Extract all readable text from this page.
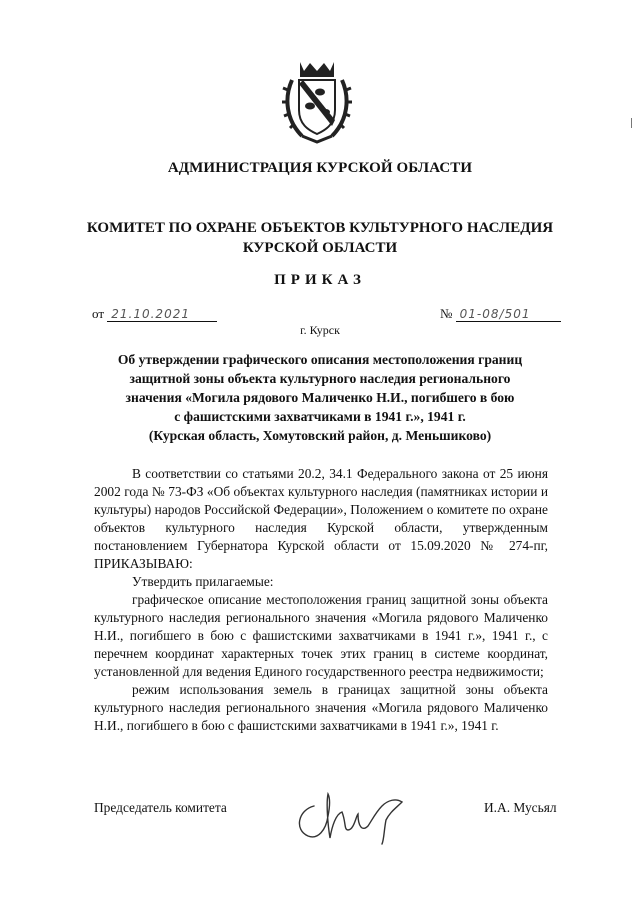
АДМИНИСТРАЦИЯ КУРСКОЙ ОБЛАСТИ
КОМИТЕТ ПО ОХРАНЕ ОБЪЕКТОВ КУЛЬТУРНОГО НАСЛЕДИЯ
КУРСКОЙ ОБЛАСТИ
ПРИКАЗ
от 21.10.2021	№ 01-08/501
г. Курск
Об утверждении графического описания местоположения границ
защитной зоны объекта культурного наследия регионального
значения «Могила рядового Маличенко Н.И., погибшего в бою
с фашистскими захватчиками в 1941 г.», 1941 г.
(Курская область, Хомутовский район, д. Меньшиково)

В соответствии со статьями 20.2, 34.1 Федерального закона от 25 июня 2002 года № 73-ФЗ «Об объектах культурного наследия (памятниках истории и культуры) народов Российской Федерации», Положением о комитете по охране объектов культурного наследия Курской области, утвержденным постановлением Губернатора Курской области от 15.09.2020 № 274-пг, ПРИКАЗЫВАЮ:

Утвердить прилагаемые:

графическое описание местоположения границ защитной зоны объекта культурного наследия регионального значения «Могила рядового Маличенко Н.И., погибшего в бою с фашистскими захватчиками в 1941 г.», 1941 г., с перечнем координат характерных точек этих границ в системе координат, установленной для ведения Единого государственного реестра недвижимости;

режим использования земель в границах защитной зоны объекта культурного наследия регионального значения «Могила рядового Маличенко Н.И., погибшего в бою с фашистскими захватчиками в 1941 г.», 1941 г.

Председатель комитета	И.А. Мусьял
